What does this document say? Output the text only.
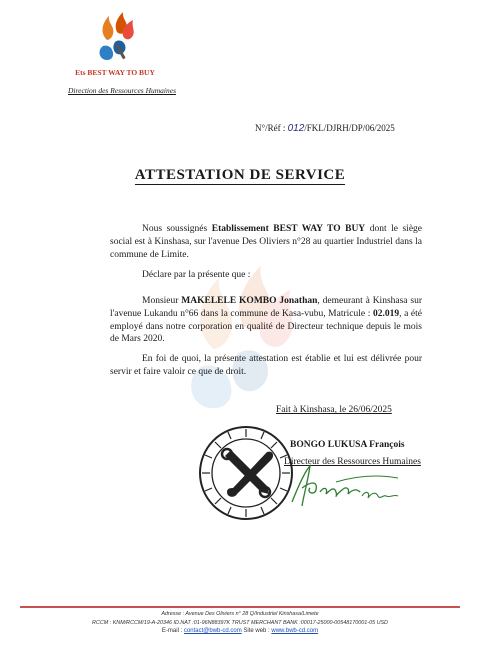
Ets BEST WAY TO BUY
Direction des Ressources Humaines
N°/Réf : 012/FKL/DJRH/DP/06/2025
ATTESTATION DE SERVICE
Nous soussignés Etablissement BEST WAY TO BUY dont le siège social est à Kinshasa, sur l'avenue Des Oliviers n°28 au quartier Industriel dans la commune de Limite.
Déclare par la présente que :
Monsieur MAKELELE KOMBO Jonathan, demeurant à Kinshasa sur l'avenue Lukandu n°66 dans la commune de Kasa-vubu, Matricule : 02.019, a été employé dans notre corporation en qualité de Directeur technique depuis le mois de Mars 2020.
En foi de quoi, la présente attestation est établie et lui est délivrée pour servir et faire valoir ce que de droit.
Fait à Kinshasa, le 26/06/2025
BONGO LUKUSA François
Directeur des Ressources Humaines
Adresse : Avenue Des Oliviers n° 28 Q/Industriel Kinshasa/Limete
RCCM : KNM/RCCM/19-A-20346 ID.NAT :01-96N88397K TRUST MERCHANT BANK :00017-25000-00548170001-05 USD
E-mail : contact@bwb-cd.com Site web : www.bwb-cd.com
